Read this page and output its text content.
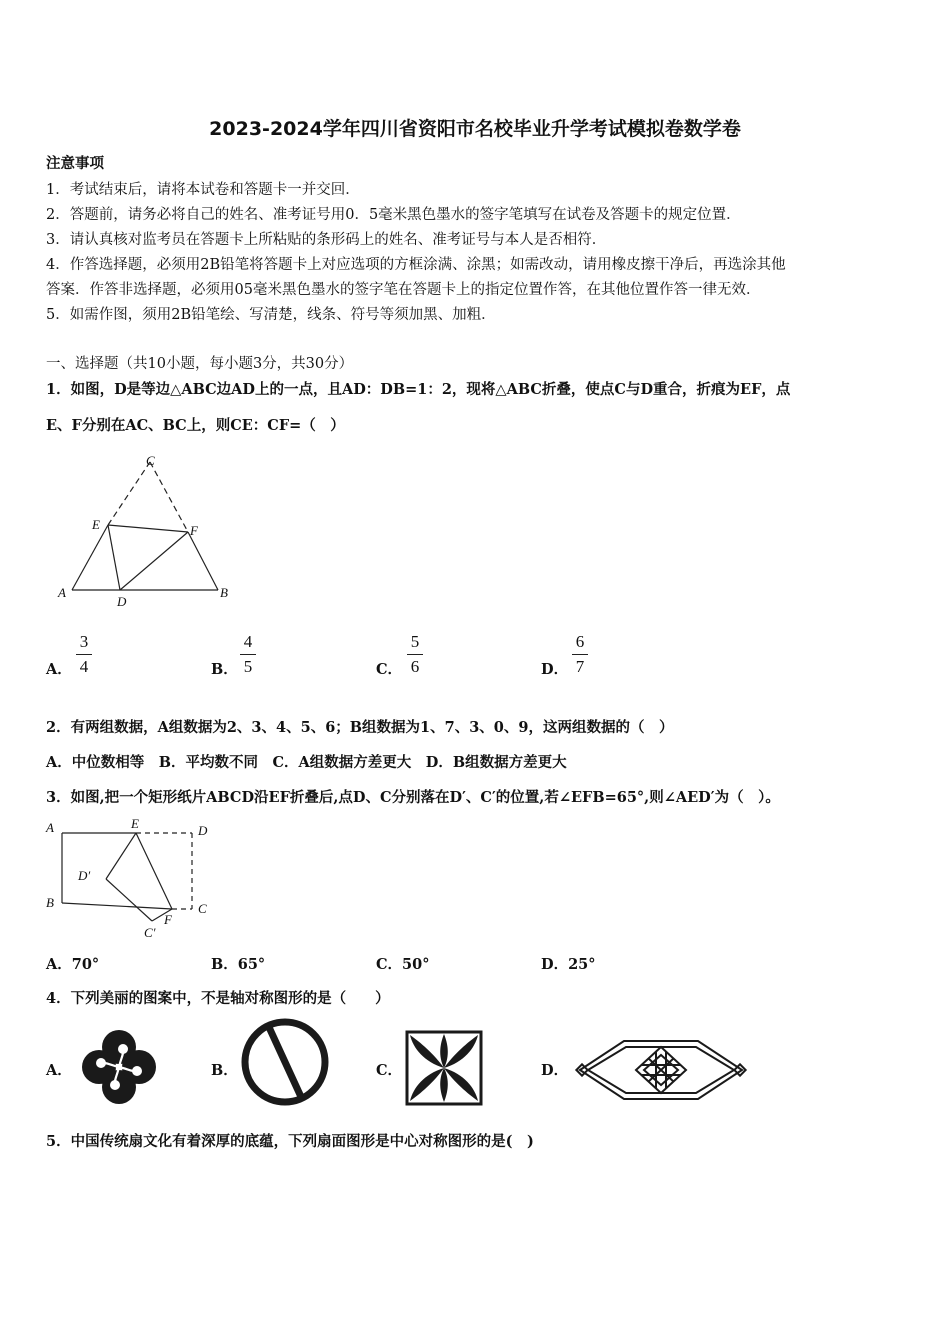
2023-2024学年四川省资阳市名校毕业升学考试模拟卷数学卷
注意事项
1．考试结束后，请将本试卷和答题卡一并交回．
2．答题前，请务必将自己的姓名、准考证号用0．5毫米黑色墨水的签字笔填写在试卷及答题卡的规定位置．
3．请认真核对监考员在答题卡上所粘贴的条形码上的姓名、准考证号与本人是否相符．
4．作答选择题，必须用2B铅笔将答题卡上对应选项的方框涂满、涂黑；如需改动，请用橡皮擦干净后，再选涂其他
答案．作答非选择题，必须用05毫米黑色墨水的签字笔在答题卡上的指定位置作答，在其他位置作答一律无效．
5．如需作图，须用2B铅笔绘、写清楚，线条、符号等须加黑、加粗．
一、选择题（共10小题，每小题3分，共30分）
1．如图，D是等边△ABC边AD上的一点，且AD：DB=1：2，现将△ABC折叠，使点C与D重合，折痕为EF，点
E、F分别在AC、BC上，则CE：CF=（　）
A	B
C
D
E	F
A．
3
4	B．
4
5	C．
5
6	D．
6
7
2．有两组数据，A组数据为2、3、4、5、6；B组数据为1、7、3、0、9，这两组数据的（　）
A．中位数相等　B．平均数不同　C．A组数据方差更大　D．B组数据方差更大
3．如图,把一个矩形纸片ABCD沿EF折叠后,点D、C分别落在D′、C′的位置,若∠EFB=65°,则∠AED′为（　）。
A
B	C
D
E
F
D′
C′
A．70°	B．65°	C．50°	D．25°
4．下列美丽的图案中，不是轴对称图形的是（　　）
A．	B．	C．	D．
5．中国传统扇文化有着深厚的底蕴，下列扇面图形是中心对称图形的是(　)
